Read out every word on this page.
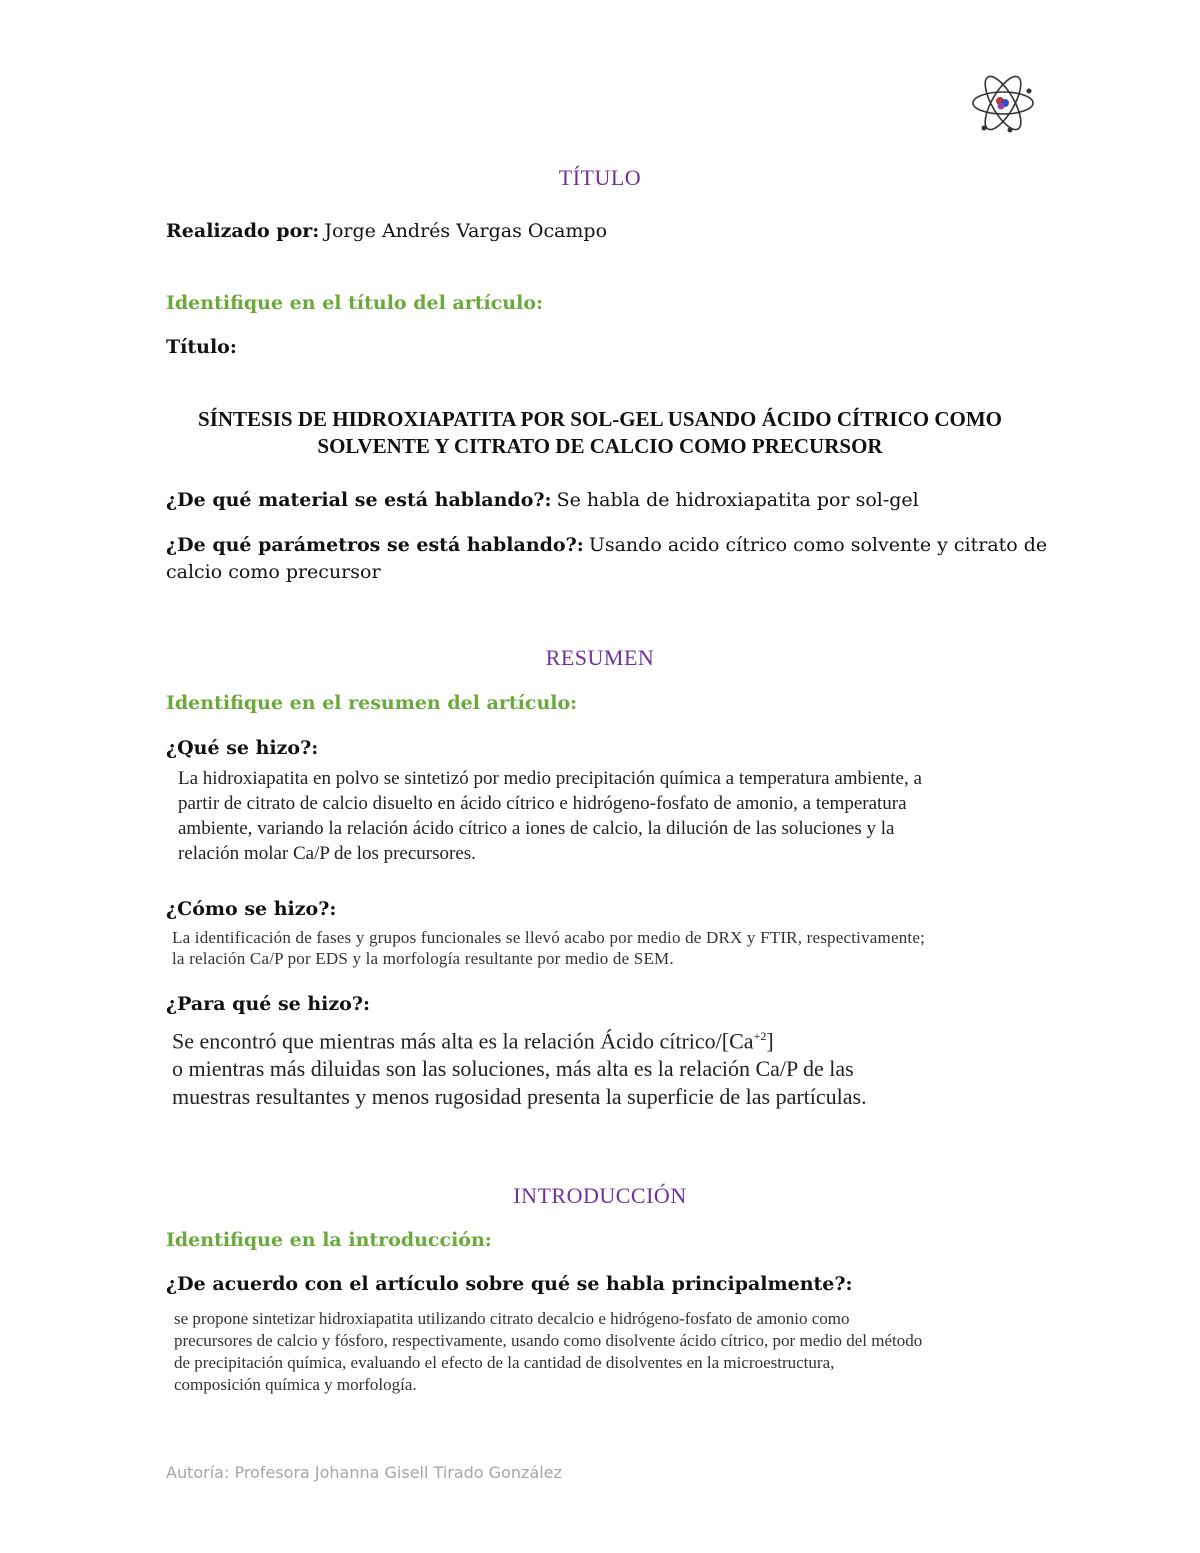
TÍTULO
Realizado por: Jorge Andrés Vargas Ocampo
Identifique en el título del artículo:
Título:
SÍNTESIS DE HIDROXIAPATITA POR SOL-GEL USANDO ÁCIDO CÍTRICO COMO
SOLVENTE Y CITRATO DE CALCIO COMO PRECURSOR
¿De qué material se está hablando?: Se habla de hidroxiapatita por sol-gel
¿De qué parámetros se está hablando?: Usando acido cítrico como solvente y citrato de
calcio como precursor
RESUMEN
Identifique en el resumen del artículo:
¿Qué se hizo?:
La hidroxiapatita en polvo se sintetizó por medio precipitación química a temperatura ambiente, a
partir de citrato de calcio disuelto en ácido cítrico e hidrógeno-fosfato de amonio, a temperatura
ambiente, variando la relación ácido cítrico a iones de calcio, la dilución de las soluciones y la
relación molar Ca/P de los precursores.
¿Cómo se hizo?:
La identificación de fases y grupos funcionales se llevó acabo por medio de DRX y FTIR, respectivamente;
la relación Ca/P por EDS y la morfología resultante por medio de SEM.
¿Para qué se hizo?:
Se encontró que mientras más alta es la relación Ácido cítrico/$[Ca^{+2}]$
o mientras más diluidas son las soluciones, más alta es la relación Ca/P de las
muestras resultantes y menos rugosidad presenta la superficie de las partículas.
INTRODUCCIÓN
Identifique en la introducción:
¿De acuerdo con el artículo sobre qué se habla principalmente?:
se propone sintetizar hidroxiapatita utilizando citrato decalcio e hidrógeno-fosfato de amonio como
precursores de calcio y fósforo, respectivamente, usando como disolvente ácido cítrico, por medio del método
de precipitación química, evaluando el efecto de la cantidad de disolventes en la microestructura,
composición química y morfología.
Autoría: Profesora Johanna Gisell Tirado González
